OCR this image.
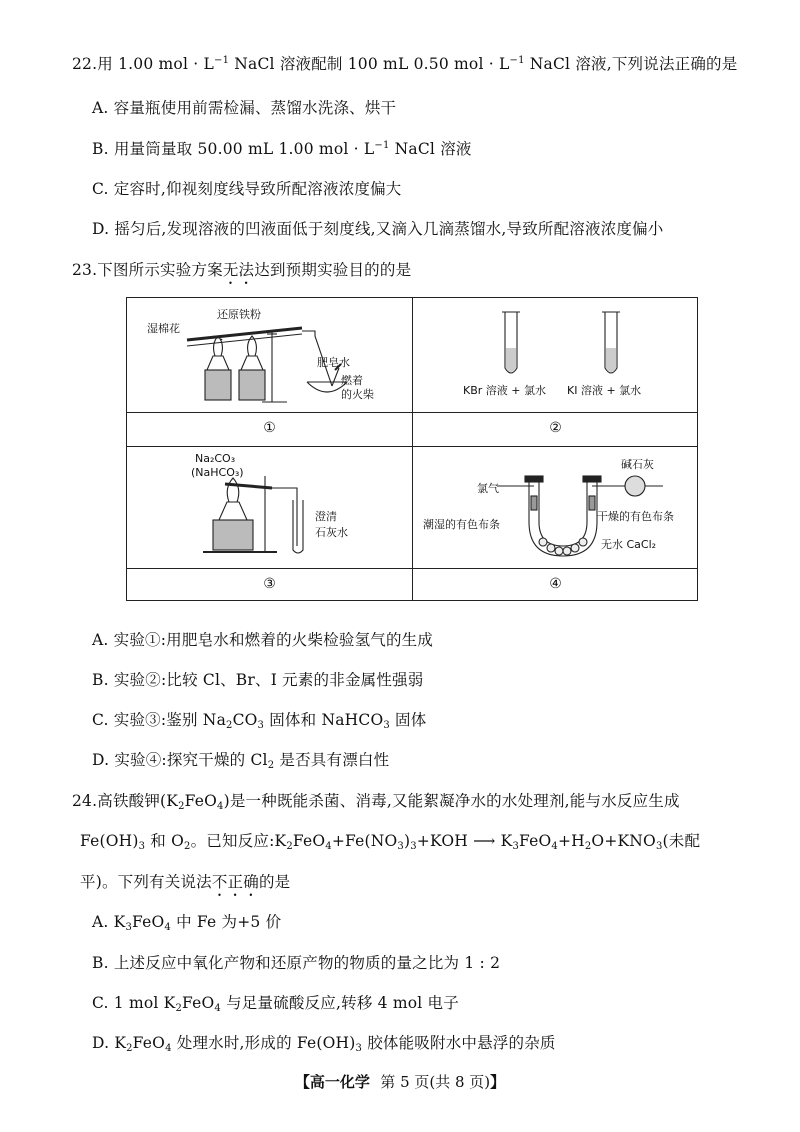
22.用 1.00 mol · $L^{-1}$ NaCl 溶液配制 100 mL 0.50 mol · $L^{-1}$ NaCl 溶液,下列说法正确的是
A. 容量瓶使用前需检漏、蒸馏水洗涤、烘干
B. 用量筒量取 50.00 mL 1.00 mol · $L^{-1}$ NaCl 溶液
C. 定容时,仰视刻度线导致所配溶液浓度偏大
D. 摇匀后,发现溶液的凹液面低于刻度线,又滴入几滴蒸馏水,导致所配溶液浓度偏小
23.下图所示实验方案无法达到预期实验目的的是
湿棉花
还原铁粉
肥皂水
燃着
的火柴
①
KBr 溶液 + 氯水 KI 溶液 + 氯水
②
Na₂CO₃
(NaHCO₃)
澄清
石灰水
③
碱石灰
氯气
潮湿的有色布条
干燥的有色布条
无水 CaCl₂
④
A. 实验①:用肥皂水和燃着的火柴检验氢气的生成
B. 实验②:比较 Cl、Br、I 元素的非金属性强弱
C. 实验③:鉴别 $Na_2CO_3$ 固体和 NaHCO$_3$ 固体
D. 实验④:探究干燥的 $Cl_2$ 是否具有漂白性
24.高铁酸钾$(K_2FeO_4)$是一种既能杀菌、消毒,又能絮凝净水的水处理剂,能与水反应生成
$Fe(OH)_3$ 和 $O_2$。已知反应$:K_2FeO_4+Fe(NO_3)_3+KOH$ ⟶ $K_3FeO_4+H_2O+KNO_3$(未配
平)。下列有关说法不正确的是
A. $K_3FeO_4$ 中 Fe 为+5 价
B. 上述反应中氧化产物和还原产物的物质的量之比为 1 : 2
C. 1 mol $K_2FeO_4$ 与足量硫酸反应,转移 4 mol 电子
D. $K_2FeO_4$ 处理水时,形成的 $Fe(OH)_3$ 胶体能吸附水中悬浮的杂质
【高一化学 第 5 页(共 8 页)】
